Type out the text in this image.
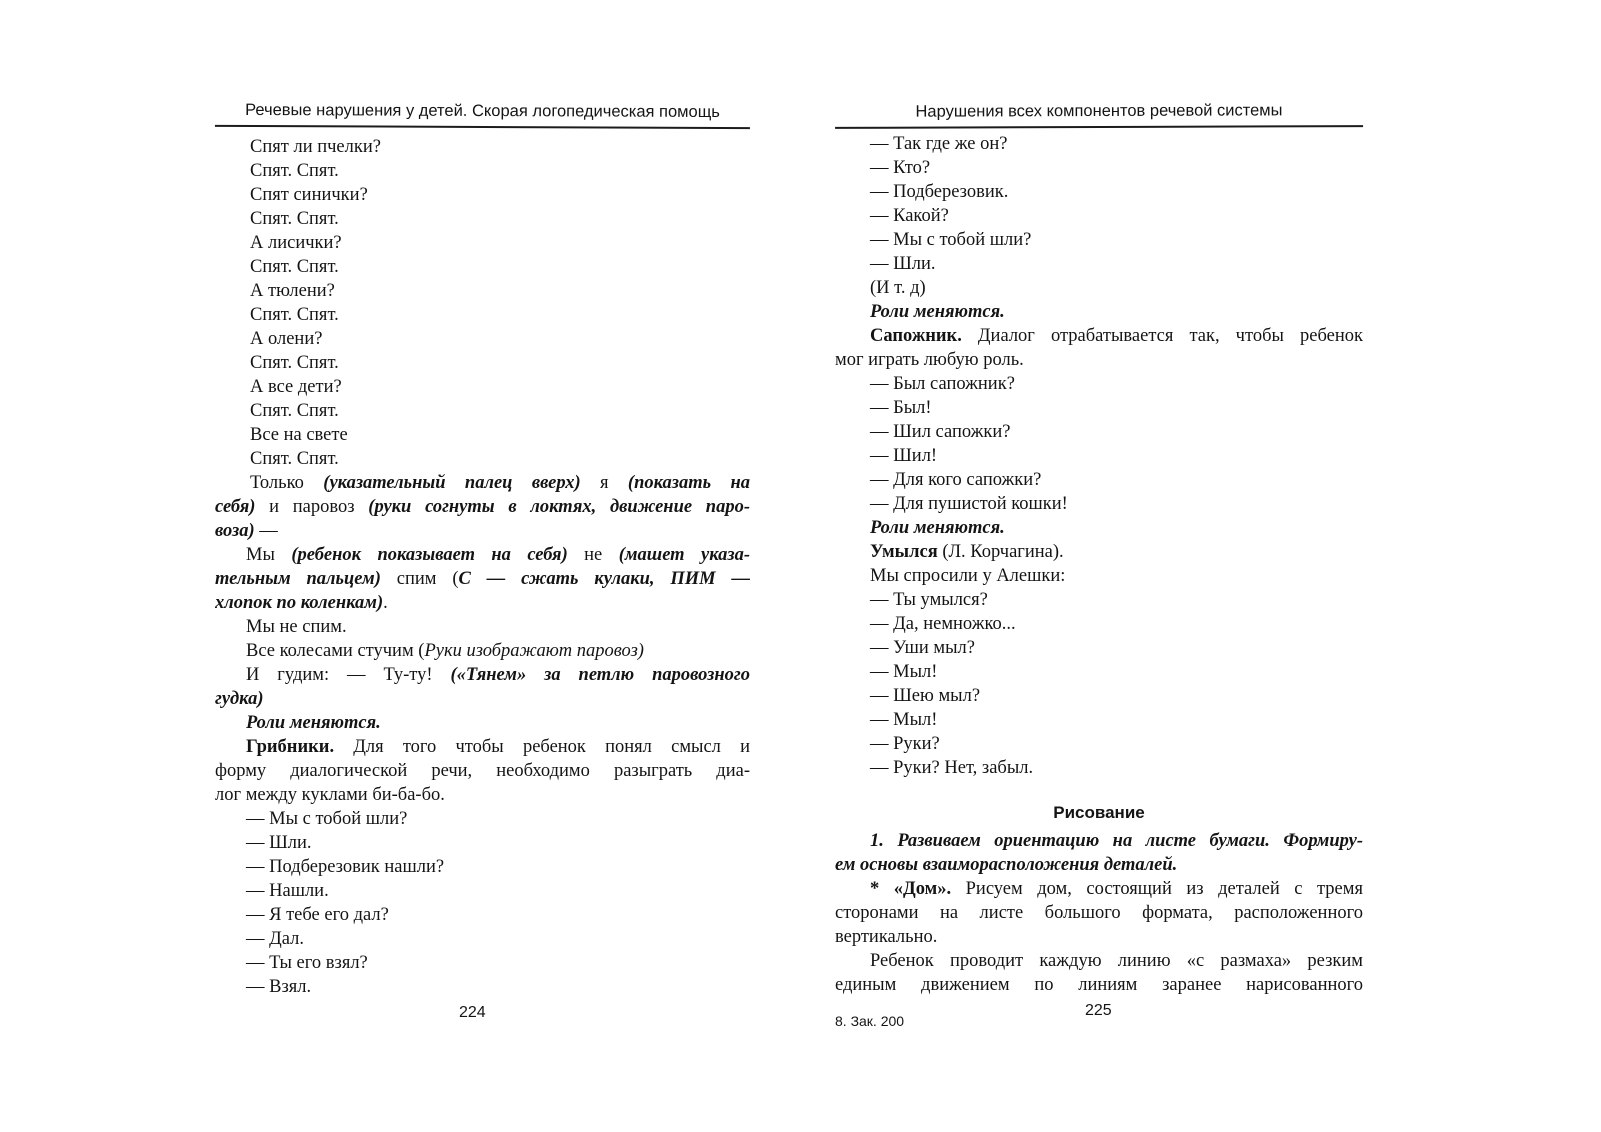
Речевые нарушения у детей. Скорая логопедическая помощь
Спят ли пчелки?
Спят. Спят.
Спят синички?
Спят. Спят.
А лисички?
Спят. Спят.
А тюлени?
Спят. Спят.
А олени?
Спят. Спят.
А все дети?
Спят. Спят.
Все на свете
Спят. Спят.
Только (указательный палец вверх) я (показать на
себя) и паровоз (руки согнуты в локтях, движение паро-
воза) —
Мы (ребенок показывает на себя) не (машет указа-
тельным пальцем) спим (С — сжать кулаки, ПИМ —
хлопок по коленкам).
Мы не спим.
Все колесами стучим (Руки изображают паровоз)
И гудим: — Ту-ту! («Тянем» за петлю паровозного
гудка)
Роли меняются.
Грибники. Для того чтобы ребенок понял смысл и
форму диалогической речи, необходимо разыграть диа-
лог между куклами би-ба-бо.
— Мы с тобой шли?
— Шли.
— Подберезовик нашли?
— Нашли.
— Я тебе его дал?
— Дал.
— Ты его взял?
— Взял.
224
Нарушения всех компонентов речевой системы
— Так где же он?
— Кто?
— Подберезовик.
— Какой?
— Мы с тобой шли?
— Шли.
(И т. д)
Роли меняются.
Сапожник. Диалог отрабатывается так, чтобы ребенок
мог играть любую роль.
— Был сапожник?
— Был!
— Шил сапожки?
— Шил!
— Для кого сапожки?
— Для пушистой кошки!
Роли меняются.
Умылся (Л. Корчагина).
Мы спросили у Алешки:
— Ты умылся?
— Да, немножко...
— Уши мыл?
— Мыл!
— Шею мыл?
— Мыл!
— Руки?
— Руки? Нет, забыл.
Рисование
1. Развиваем ориентацию на листе бумаги. Формиру-
ем основы взаиморасположения деталей.
* «Дом». Рисуем дом, состоящий из деталей с тремя
сторонами на листе большого формата, расположенного
вертикально.
Ребенок проводит каждую линию «с размаха» резким
единым движением по линиям заранее нарисованного
8. Зак. 200
225
